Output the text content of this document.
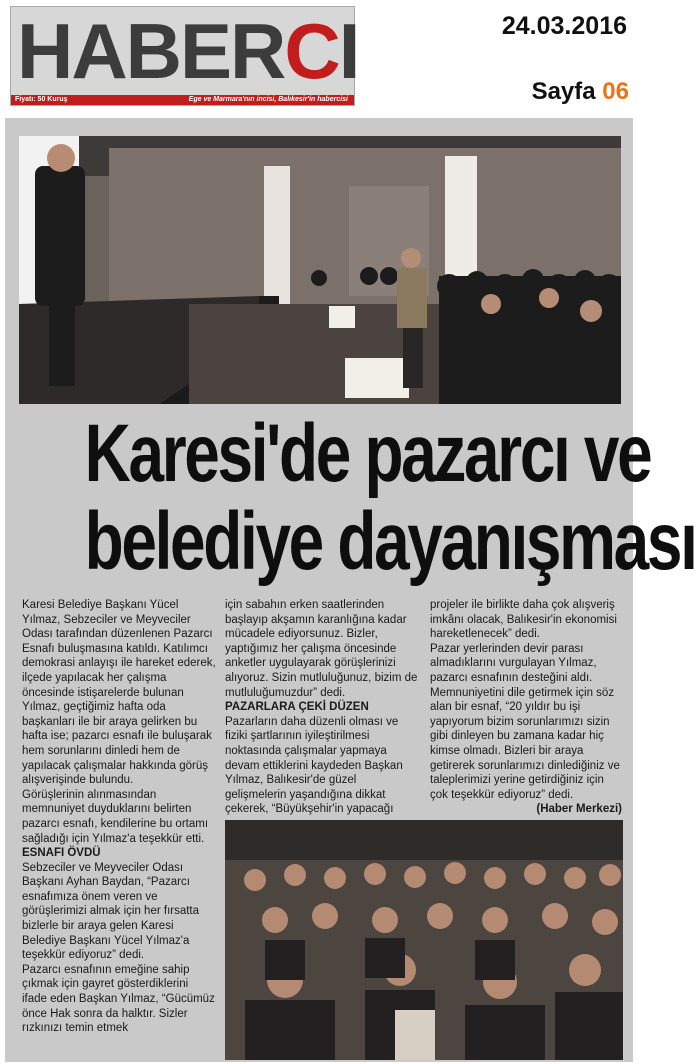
HABERCI
Fiyatı: 50 Kuruş	Ege ve Marmara'nın incisi, Balıkesir'in habercisi
24.03.2016
Sayfa 06
Karesi'de pazarcı ve
belediye dayanışması

Karesi Belediye Başkanı Yücel Yılmaz, Sebzeciler ve Meyveciler Odası tarafından düzenlenen Pazarcı Esnafı buluşmasına katıldı. Katılımcı demokrasi anlayışı ile hareket ederek, ilçede yapılacak her çalışma öncesinde istişarelerde bulunan Yılmaz, geçtiğimiz hafta oda başkanları ile bir araya gelirken bu hafta ise; pazarcı esnafı ile buluşarak hem sorunlarını dinledi hem de yapılacak çalışmalar hakkında görüş alışverişinde bulundu.

Görüşlerinin alınmasından memnuniyet duyduklarını belirten pazarcı esnafı, kendilerine bu ortamı sağladığı için Yılmaz'a teşekkür etti.

ESNAFI ÖVDÜ

Sebzeciler ve Meyveciler Odası Başkanı Ayhan Baydan, “Pazarcı esnafımıza önem veren ve görüşlerimizi almak için her fırsatta bizlerle bir araya gelen Karesi Belediye Başkanı Yücel Yılmaz'a teşekkür ediyoruz” dedi.

Pazarcı esnafının emeğine sahip çıkmak için gayret gösterdiklerini ifade eden Başkan Yılmaz, “Gücümüz önce Hak sonra da halktır. Sizler rızkınızı temin etmek

için sabahın erken saatlerinden başlayıp akşamın karanlığına kadar mücadele ediyorsunuz. Bizler, yaptığımız her çalışma öncesinde anketler uygulayarak görüşlerinizi alıyoruz. Sizin mutluluğunuz, bizim de mutluluğumuzdur” dedi.

PAZARLARA ÇEKİ DÜZEN

Pazarların daha düzenli olması ve fiziki şartlarının iyileştirilmesi noktasında çalışmalar yapmaya devam ettiklerini kaydeden Başkan Yılmaz, Balıkesir'de güzel gelişmelerin yaşandığına dikkat çekerek, “Büyükşehir'in yapacağı

projeler ile birlikte daha çok alışveriş imkânı olacak, Balıkesir'in ekonomisi hareketlenecek” dedi.

Pazar yerlerinden devir parası almadıklarını vurgulayan Yılmaz, pazarcı esnafının desteğini aldı. Memnuniyetini dile getirmek için söz alan bir esnaf, “20 yıldır bu işi yapıyorum bizim sorunlarımızı sizin gibi dinleyen bu zamana kadar hiç kimse olmadı. Bizleri bir araya getirerek sorunlarımızı dinlediğiniz ve taleplerimizi yerine getirdiğiniz için çok teşekkür ediyoruz” dedi.

(Haber Merkezi)
